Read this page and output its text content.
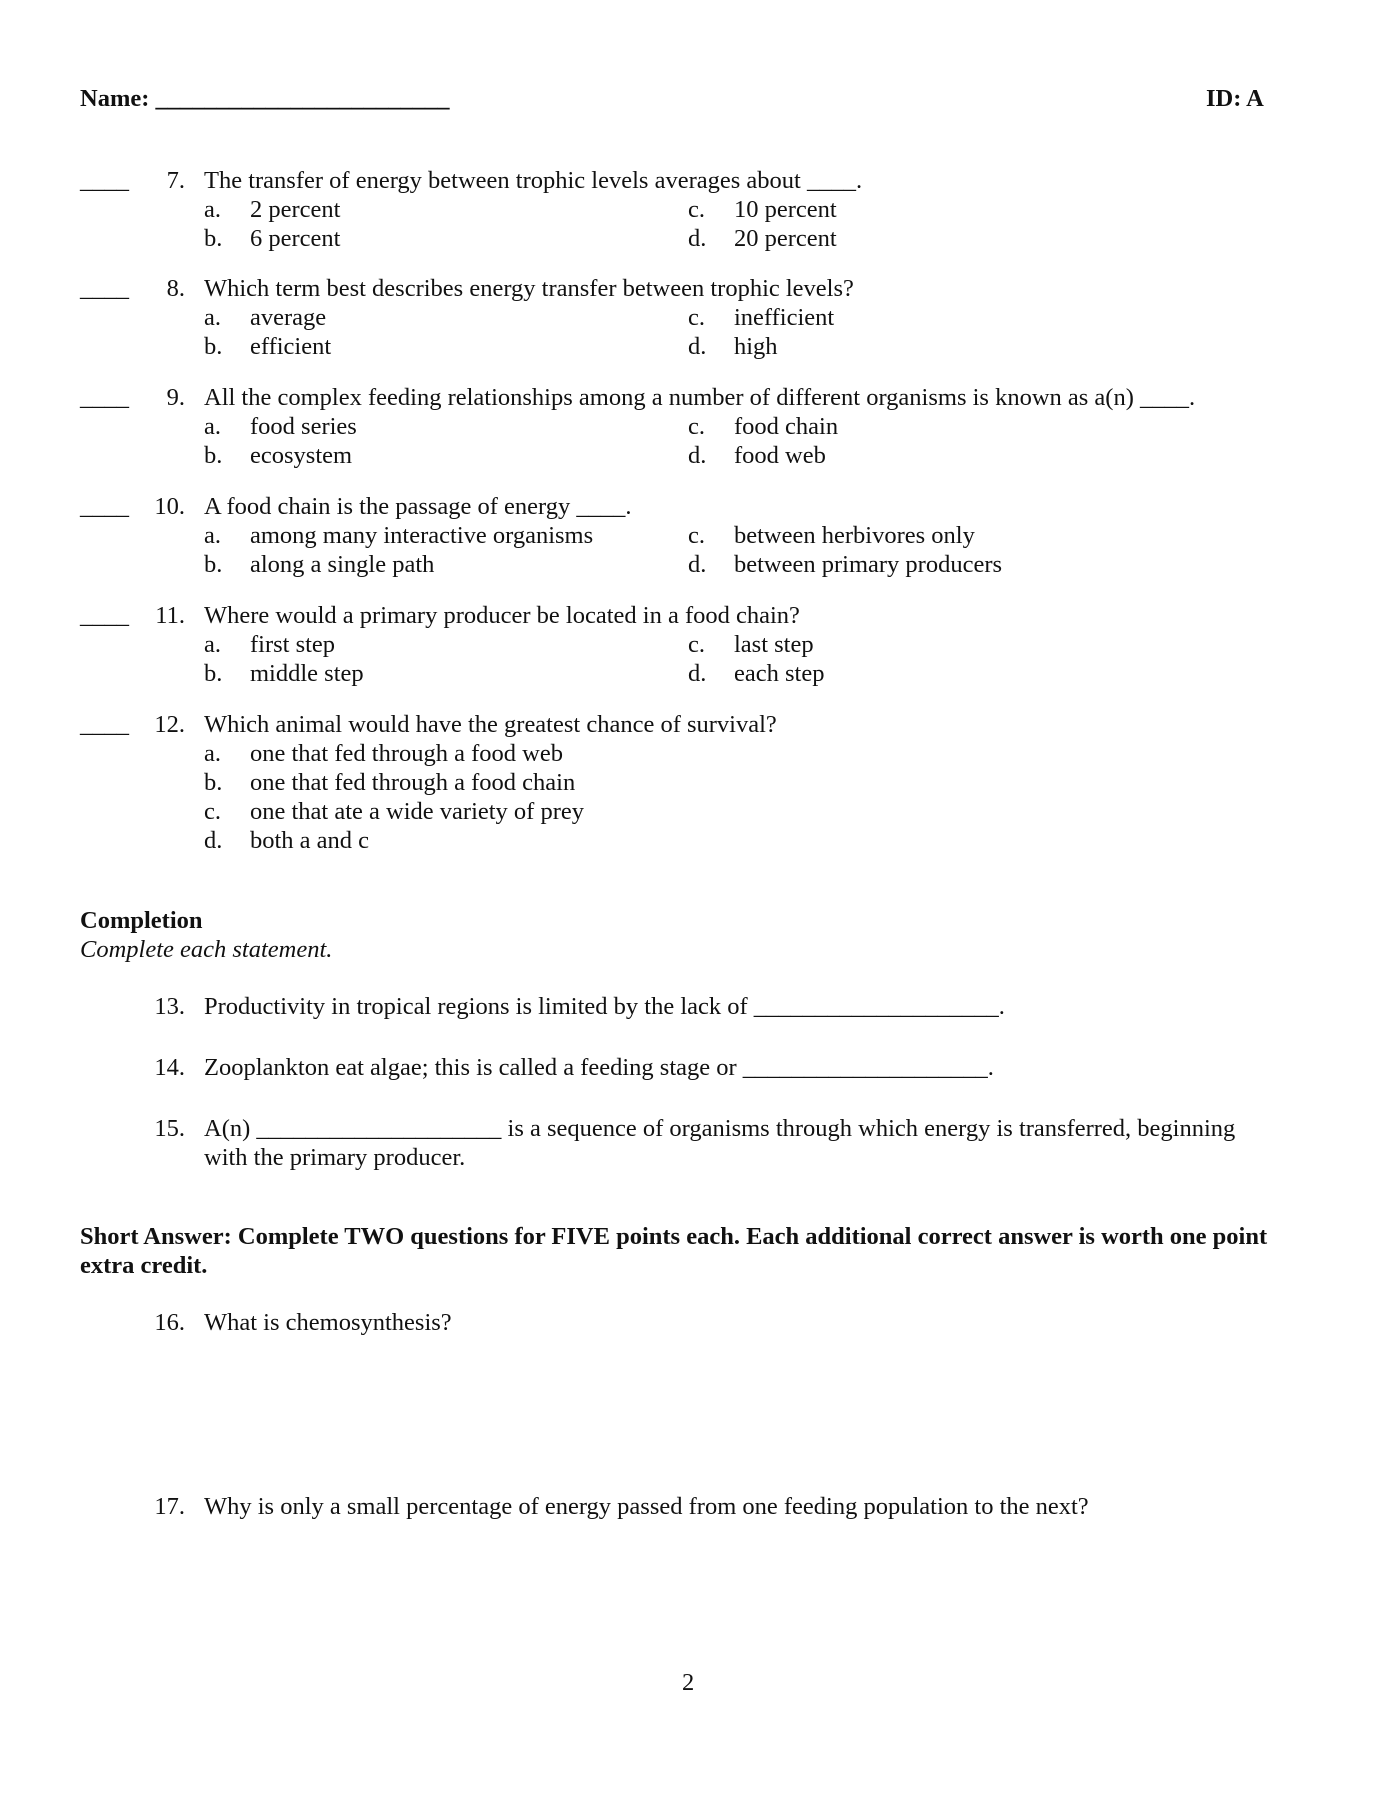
Name: ________________________	ID: A
____	7. The transfer of energy between trophic levels averages about ____.
a. 2 percent
b. 6 percent
c. 10 percent
d. 20 percent
____	8. Which term best describes energy transfer between trophic levels?
a. average
b. efficient
c. inefficient
d. high
____	9. All the complex feeding relationships among a number of different organisms is known as a(n) ____.
a. food series
b. ecosystem
c. food chain
d. food web
____	10. A food chain is the passage of energy ____.
a. among many interactive organisms
b. along a single path
c. between herbivores only
d. between primary producers
____	11. Where would a primary producer be located in a food chain?
a. first step
b. middle step
c. last step
d. each step
____	12. Which animal would have the greatest chance of survival?
a. one that fed through a food web
b. one that fed through a food chain
c. one that ate a wide variety of prey
d. both a and c
Completion
Complete each statement.
13. Productivity in tropical regions is limited by the lack of ____________________.
14. Zooplankton eat algae; this is called a feeding stage or ____________________.
15. A(n) ____________________ is a sequence of organisms through which energy is transferred, beginning
with the primary producer.
Short Answer: Complete TWO questions for FIVE points each. Each additional correct answer is worth one point
extra credit.
16. What is chemosynthesis?
17. Why is only a small percentage of energy passed from one feeding population to the next?
2
